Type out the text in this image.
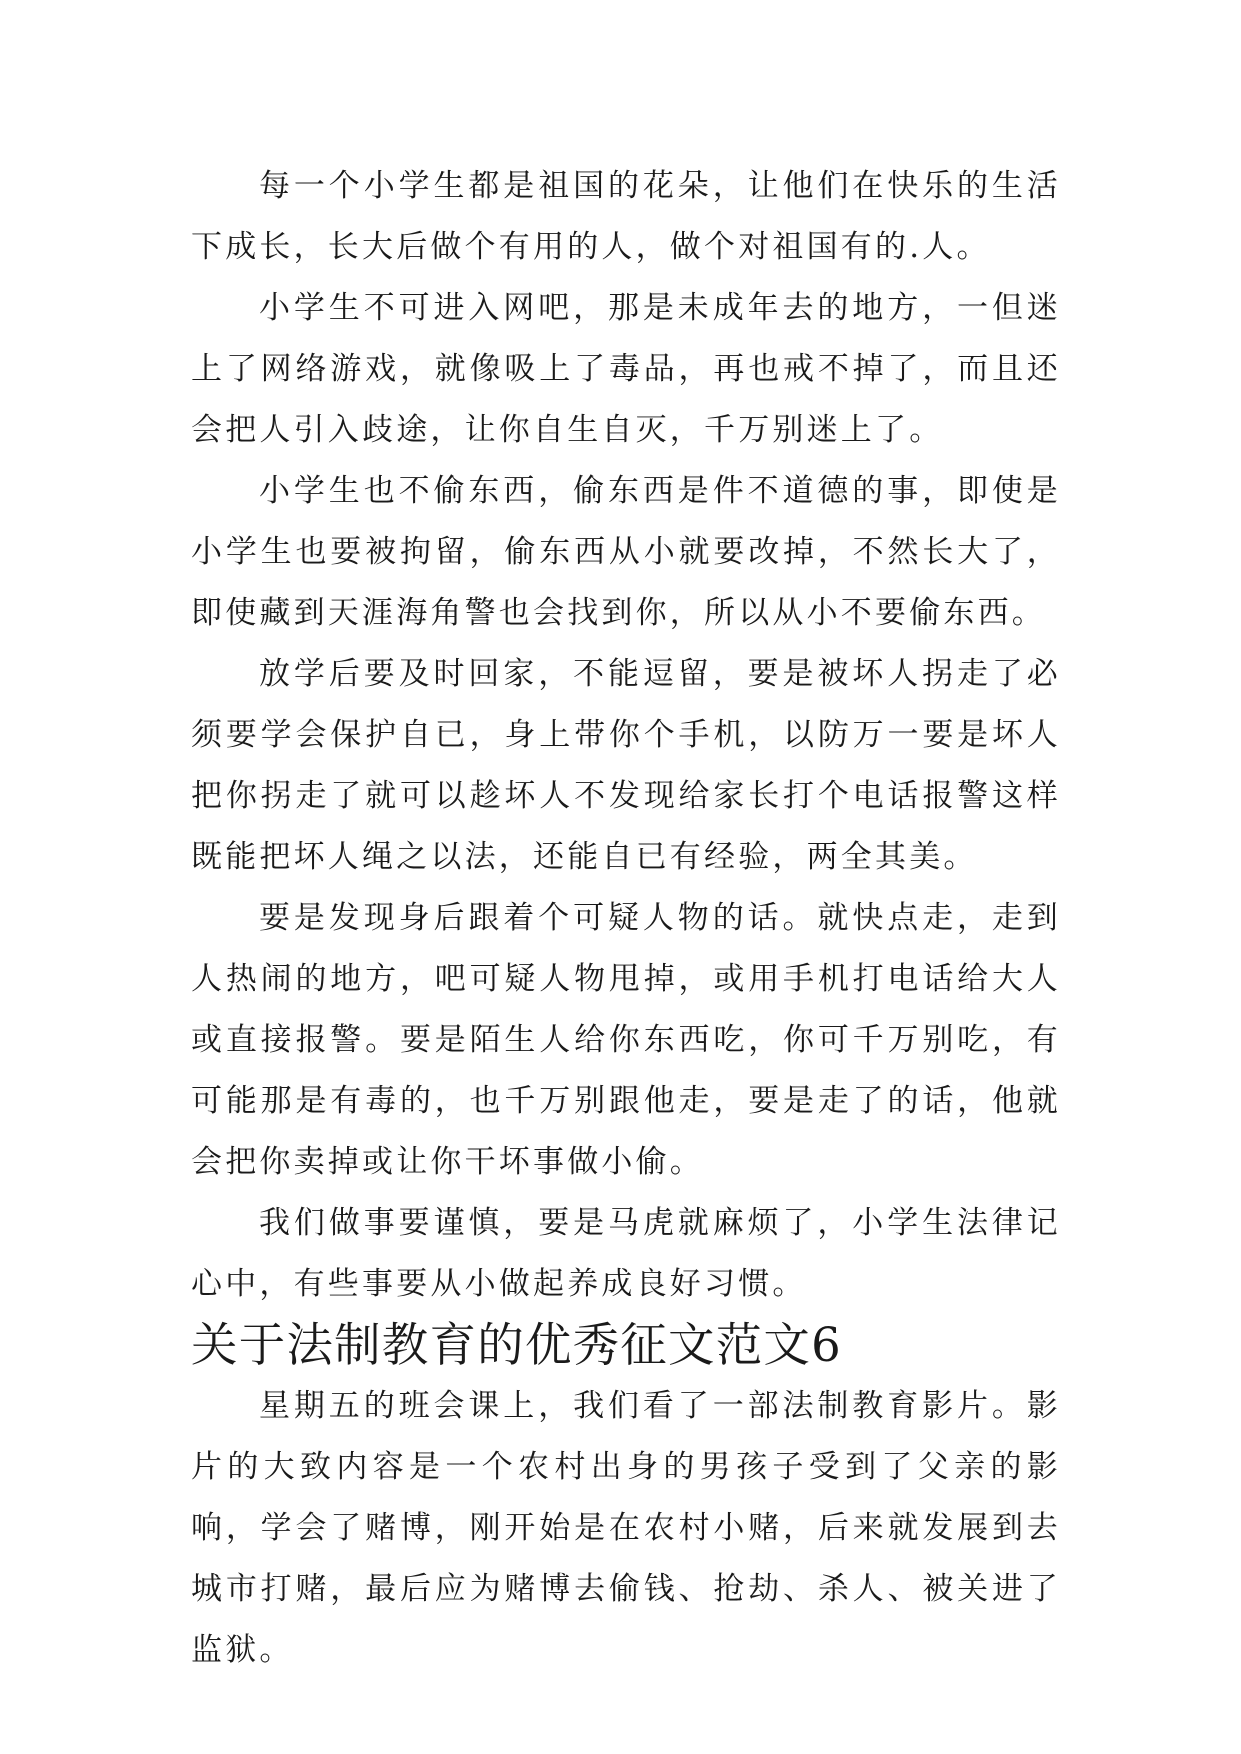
每一个小学生都是祖国的花朵，让他们在快乐的生活下成长，长大后做个有用的人，做个对祖国有的.人。

小学生不可进入网吧，那是未成年去的地方，一但迷上了网络游戏，就像吸上了毒品，再也戒不掉了，而且还会把人引入歧途，让你自生自灭，千万别迷上了。

小学生也不偷东西，偷东西是件不道德的事，即使是小学生也要被拘留，偷东西从小就要改掉，不然长大了，即使藏到天涯海角警也会找到你，所以从小不要偷东西。

放学后要及时回家，不能逗留，要是被坏人拐走了必须要学会保护自已，身上带你个手机，以防万一要是坏人把你拐走了就可以趁坏人不发现给家长打个电话报警这样既能把坏人绳之以法，还能自已有经验，两全其美。

要是发现身后跟着个可疑人物的话。就快点走，走到人热闹的地方，吧可疑人物甩掉，或用手机打电话给大人或直接报警。要是陌生人给你东西吃，你可千万别吃，有可能那是有毒的，也千万别跟他走，要是走了的话，他就会把你卖掉或让你干坏事做小偷。

我们做事要谨慎，要是马虎就麻烦了，小学生法律记心中，有些事要从小做起养成良好习惯。

关于法制教育的优秀征文范文6

星期五的班会课上，我们看了一部法制教育影片。影片的大致内容是一个农村出身的男孩子受到了父亲的影响，学会了赌博，刚开始是在农村小赌，后来就发展到去城市打赌，最后应为赌博去偷钱、抢劫、杀人、被关进了监狱。
